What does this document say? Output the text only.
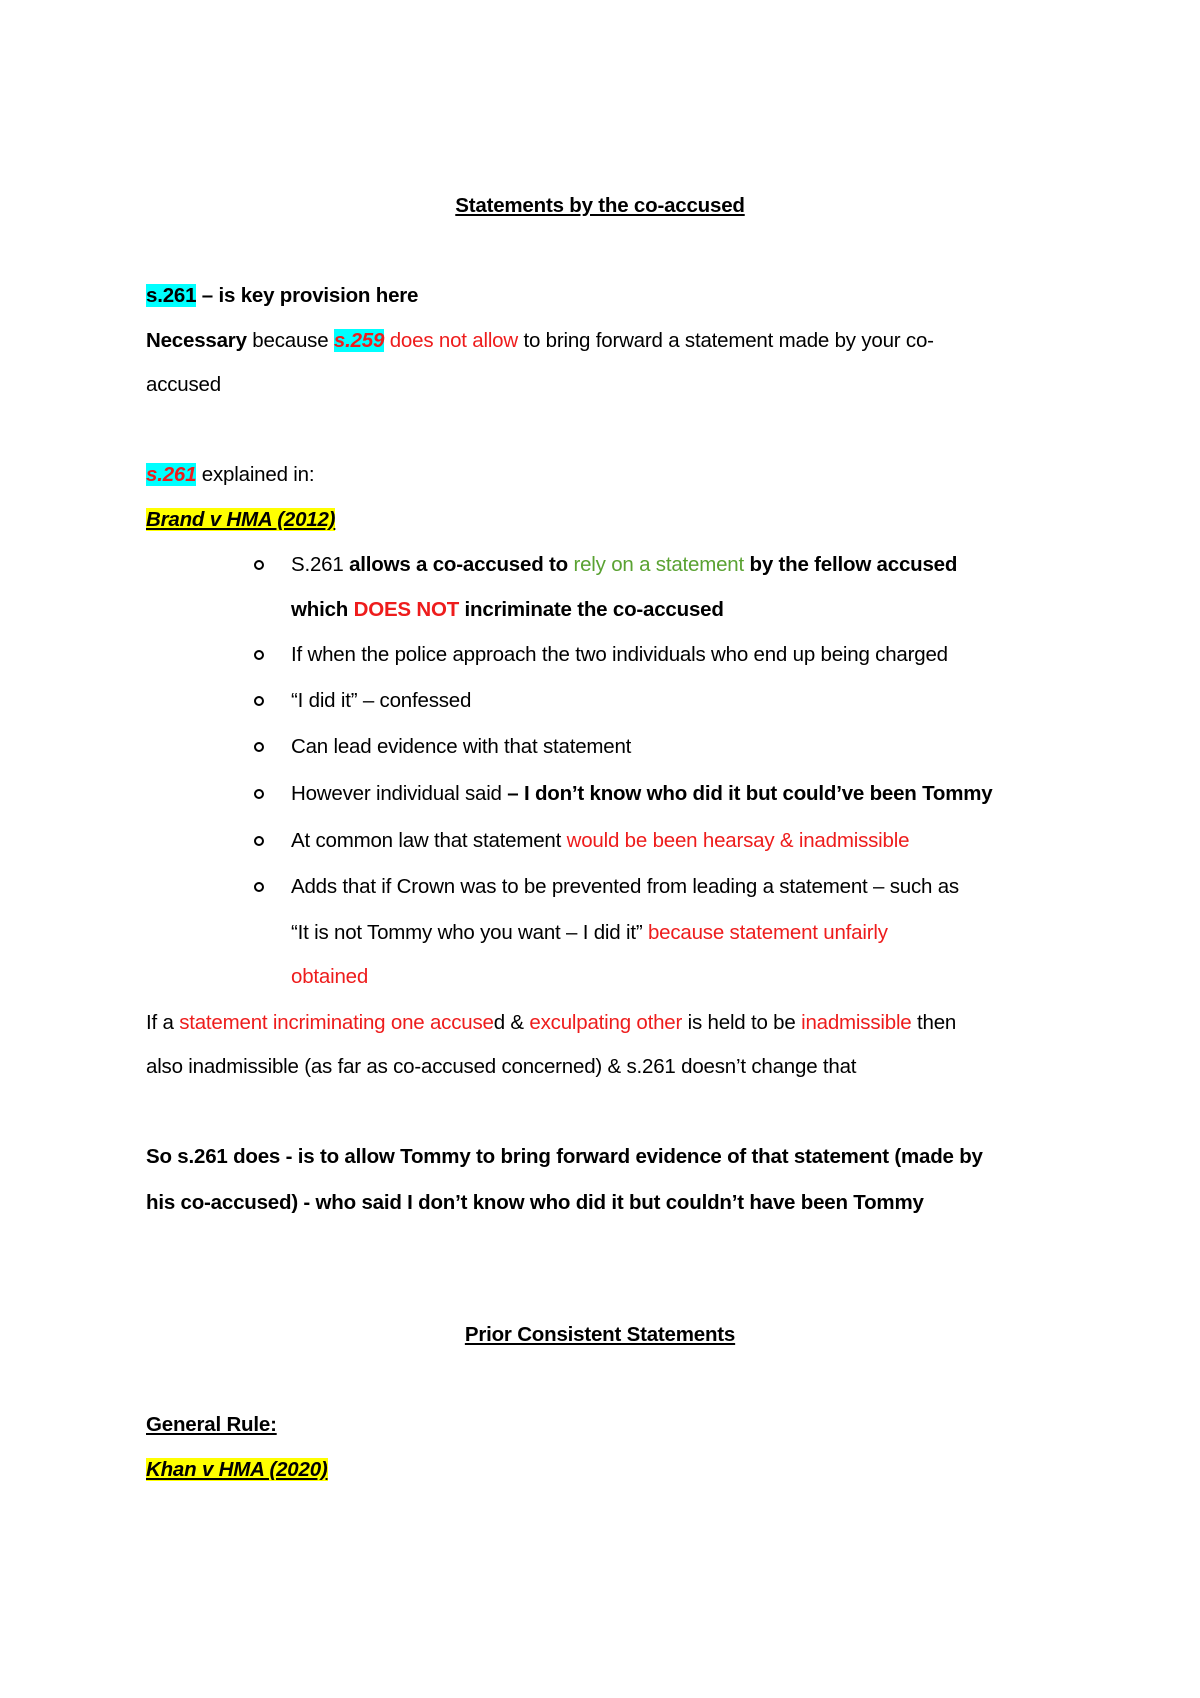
Statements by the co-accused
s.261 – is key provision here
Necessary because s.259 does not allow to bring forward a statement made by your co-
accused
s.261 explained in:
Brand v HMA (2012)
S.261 allows a co-accused to rely on a statement by the fellow accused
which DOES NOT incriminate the co-accused
If when the police approach the two individuals who end up being charged
“I did it” – confessed
Can lead evidence with that statement
However individual said – I don’t know who did it but could’ve been Tommy
At common law that statement would be been hearsay & inadmissible
Adds that if Crown was to be prevented from leading a statement – such as
“It is not Tommy who you want – I did it” because statement unfairly
obtained
If a statement incriminating one accused & exculpating other is held to be inadmissible then
also inadmissible (as far as co-accused concerned) & s.261 doesn’t change that
So s.261 does - is to allow Tommy to bring forward evidence of that statement (made by
his co-accused) - who said I don’t know who did it but couldn’t have been Tommy
Prior Consistent Statements
General Rule:
Khan v HMA (2020)
